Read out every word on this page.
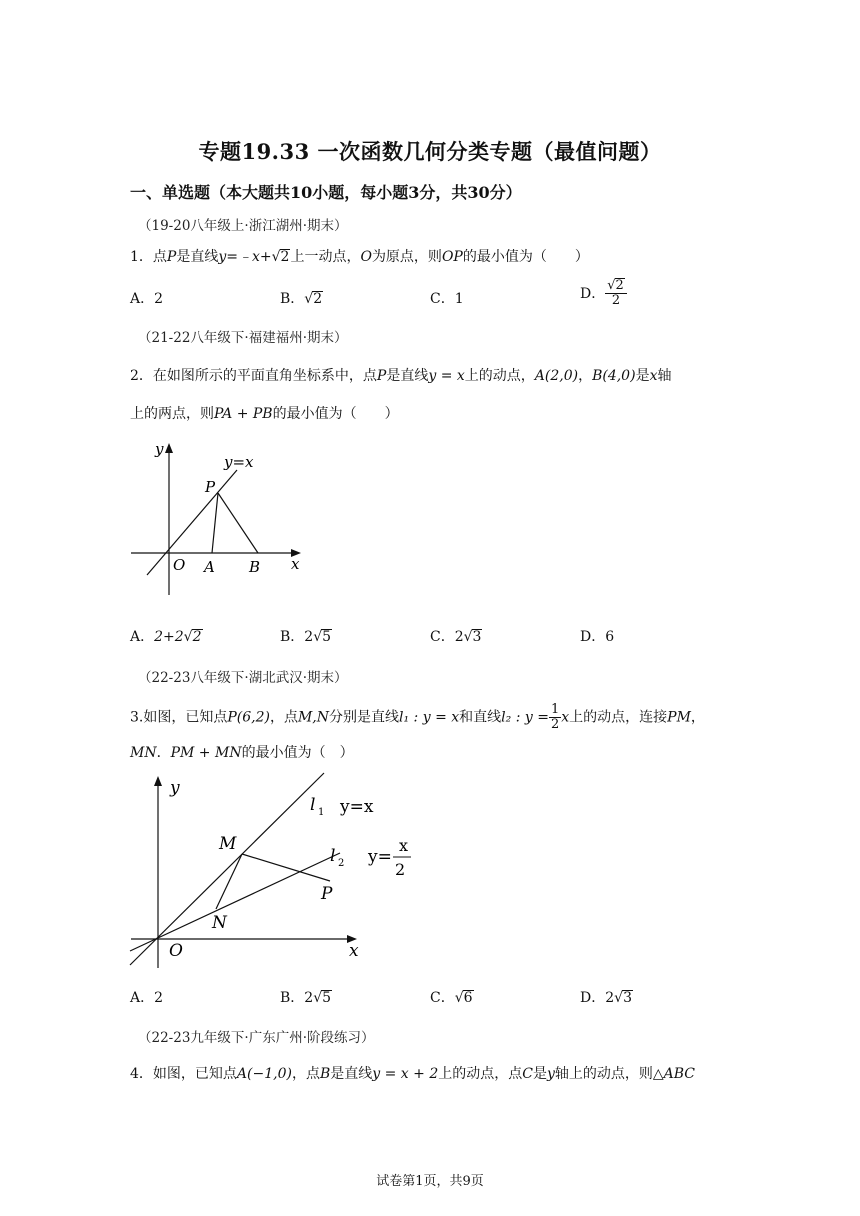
专题19.33 一次函数几何分类专题（最值问题）
一、单选题（本大题共10小题，每小题3分，共30分）
（19-20八年级上·浙江湖州·期末）
1．点P是直线y=﹣x+√2上一动点，O为原点，则OP的最小值为（　　）
A．2	B．√2	C．1	D． $\frac{√2}{2}$
（21-22八年级下·福建福州·期末）
2．在如图所示的平面直角坐标系中，点P是直线y = x上的动点，A(2,0)，B(4,0)是x轴
上的两点，则PA + PB的最小值为（　　）
y
y=x
P
O A B x
A．2+2√2	B．2√5	C．2√3	D．6
（22-23八年级下·湖北武汉·期末）
3.如图，已知点P(6,2)，点M,N分别是直线l₁ : y = x和直线l₂ : $y = \frac{1}{2}$ x上的动点，连接PM，
MN．PM + MN的最小值为（　）
y
l 1 y=x
M
l 2 y=
x
2
P
N
O	x
A．2	B．2√5	C．√6	D．2√3
（22-23九年级下·广东广州·阶段练习）
4．如图，已知点A(−1,0)，点B是直线y = x + 2上的动点，点C是y轴上的动点，则△ABC
试卷第1页，共9页
